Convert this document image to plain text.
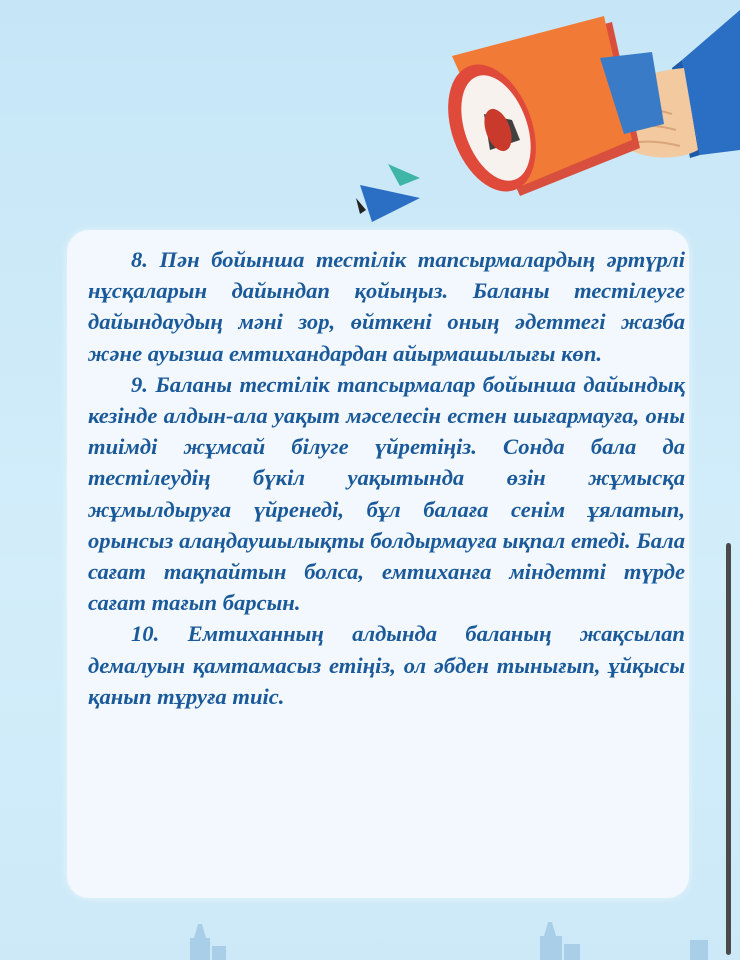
8. Пән бойынша тестілік тапсырмалардың әртүрлі нұсқаларын дайындап қойыңыз. Баланы тестілеуге дайындаудың мәні зор, өйткені оның әдеттегі жазба және ауызша емтихандардан айырмашылығы көп.

9. Баланы тестілік тапсырмалар бойынша дайындық кезінде алдын-ала уақыт мәселесін естен шығармауға, оны тиімді жұмсай білуге үйретіңіз. Сонда бала да тестілеудің бүкіл уақытында өзін жұмысқа жұмылдыруға үйренеді, бұл балаға сенім ұялатып, орынсыз алаңдаушылықты болдырмауға ықпал етеді. Бала сағат тақпайтын болса, емтиханға міндетті түрде сағат тағып барсын.

10. Емтиханның алдында баланың жақсылап демалуын қамтамасыз етіңіз, ол әбден тынығып, ұйқысы қанып тұруға тиіс.
